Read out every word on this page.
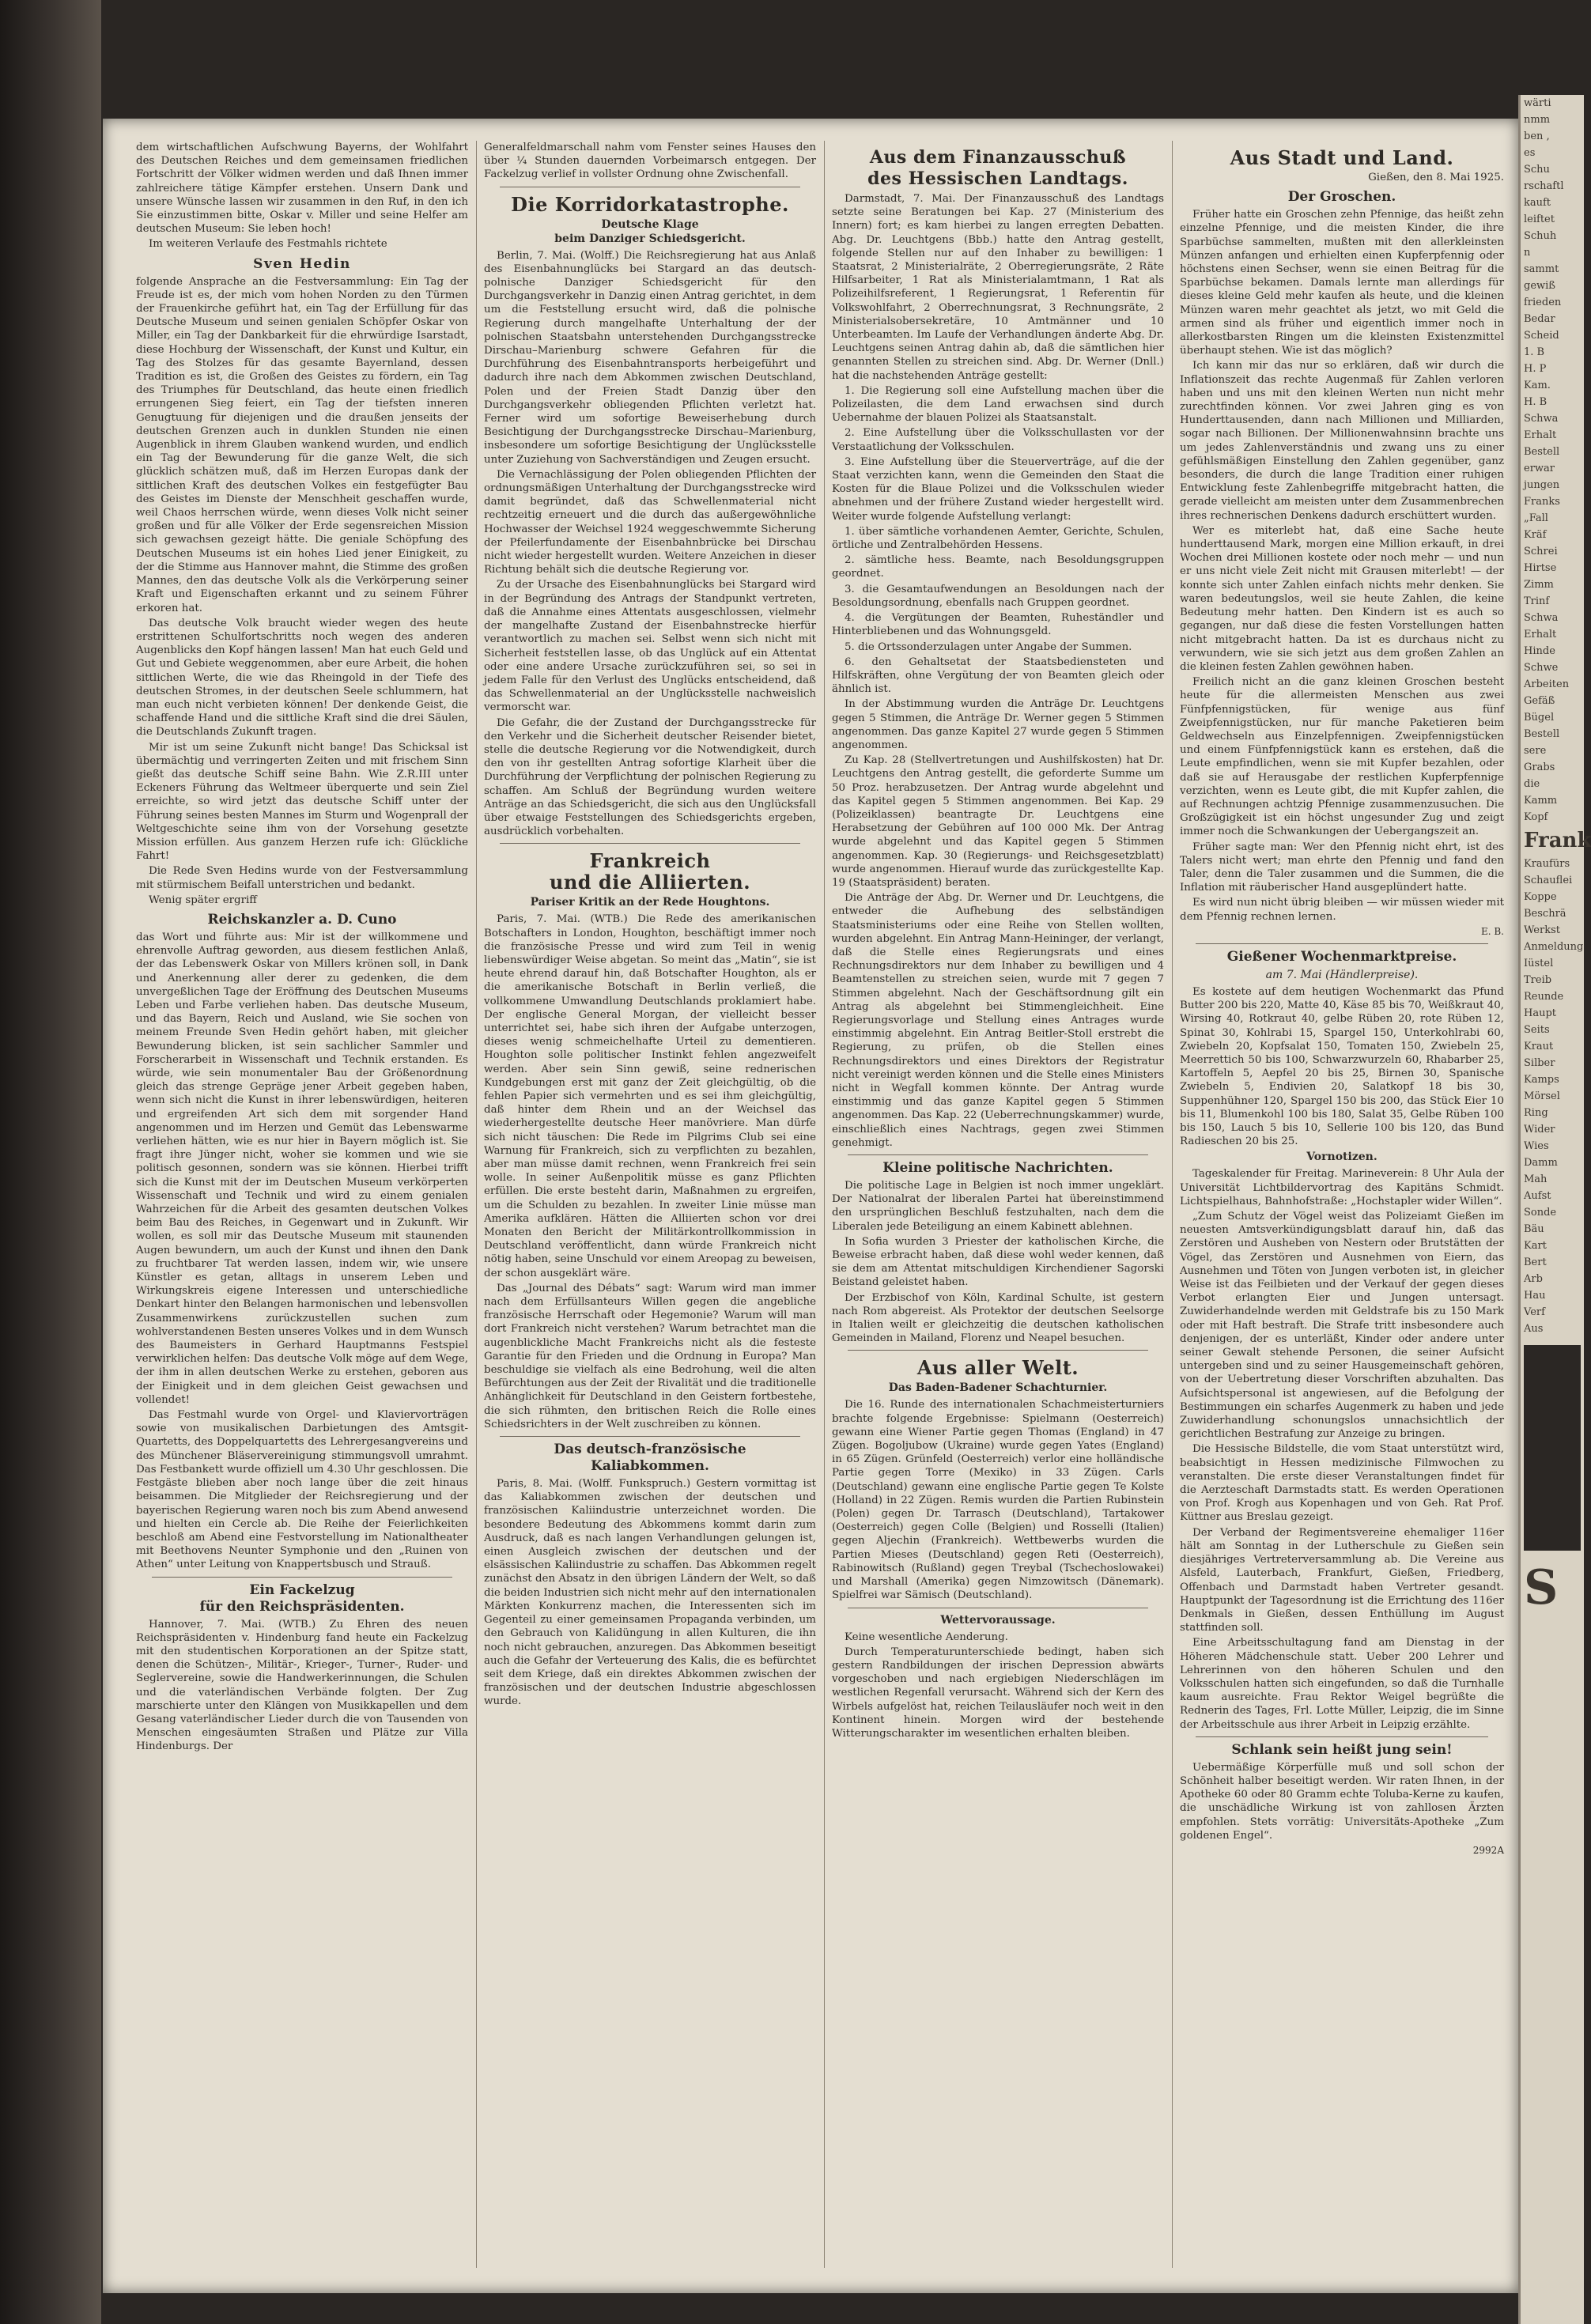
dem wirtschaftlichen Aufschwung Bayerns, der Wohlfahrt des Deutschen Reiches und dem gemeinsamen friedlichen Fortschritt der Völker widmen werden und daß Ihnen immer zahlreichere tätige Kämpfer erstehen. Unsern Dank und unsere Wünsche lassen wir zusammen in den Ruf, in den ich Sie einzustimmen bitte, Oskar v. Miller und seine Helfer am deutschen Museum: Sie leben hoch!

Im weiteren Verlaufe des Festmahls richtete

Sven Hedin

folgende Ansprache an die Festversammlung: Ein Tag der Freude ist es, der mich vom hohen Norden zu den Türmen der Frauenkirche geführt hat, ein Tag der Erfüllung für das Deutsche Museum und seinen genialen Schöpfer Oskar von Miller, ein Tag der Dankbarkeit für die ehrwürdige Isarstadt, diese Hochburg der Wissenschaft, der Kunst und Kultur, ein Tag des Stolzes für das gesamte Bayernland, dessen Tradition es ist, die Großen des Geistes zu fördern, ein Tag des Triumphes für Deutschland, das heute einen friedlich errungenen Sieg feiert, ein Tag der tiefsten inneren Genugtuung für diejenigen und die draußen jenseits der deutschen Grenzen auch in dunklen Stunden nie einen Augenblick in ihrem Glauben wankend wurden, und endlich ein Tag der Bewunderung für die ganze Welt, die sich glücklich schätzen muß, daß im Herzen Europas dank der sittlichen Kraft des deutschen Volkes ein festgefügter Bau des Geistes im Dienste der Menschheit geschaffen wurde, weil Chaos herrschen würde, wenn dieses Volk nicht seiner großen und für alle Völker der Erde segensreichen Mission sich gewachsen gezeigt hätte. Die geniale Schöpfung des Deutschen Museums ist ein hohes Lied jener Einigkeit, zu der die Stimme aus Hannover mahnt, die Stimme des großen Mannes, den das deutsche Volk als die Verkörperung seiner Kraft und Eigenschaften erkannt und zu seinem Führer erkoren hat.

Das deutsche Volk braucht wieder wegen des heute erstrittenen Schulfortschritts noch wegen des anderen Augenblicks den Kopf hängen lassen! Man hat euch Geld und Gut und Gebiete weggenommen, aber eure Arbeit, die hohen sittlichen Werte, die wie das Rheingold in der Tiefe des deutschen Stromes, in der deutschen Seele schlummern, hat man euch nicht verbieten können! Der denkende Geist, die schaffende Hand und die sittliche Kraft sind die drei Säulen, die Deutschlands Zukunft tragen.

Mir ist um seine Zukunft nicht bange! Das Schicksal ist übermächtig und verringerten Zeiten und mit frischem Sinn gießt das deutsche Schiff seine Bahn. Wie Z.R.III unter Eckeners Führung das Weltmeer überquerte und sein Ziel erreichte, so wird jetzt das deutsche Schiff unter der Führung seines besten Mannes im Sturm und Wogenprall der Weltgeschichte seine ihm von der Vorsehung gesetzte Mission erfüllen. Aus ganzem Herzen rufe ich: Glückliche Fahrt!

Die Rede Sven Hedins wurde von der Festversammlung mit stürmischem Beifall unterstrichen und bedankt.

Wenig später ergriff

Reichskanzler a. D. Cuno

das Wort und führte aus: Mir ist der willkommene und ehrenvolle Auftrag geworden, aus diesem festlichen Anlaß, der das Lebenswerk Oskar von Millers krönen soll, in Dank und Anerkennung aller derer zu gedenken, die dem unvergeßlichen Tage der Eröffnung des Deutschen Museums Leben und Farbe verliehen haben. Das deutsche Museum, und das Bayern, Reich und Ausland, wie Sie sochen von meinem Freunde Sven Hedin gehört haben, mit gleicher Bewunderung blicken, ist sein sachlicher Sammler und Forscherarbeit in Wissenschaft und Technik erstanden. Es würde, wie sein monumentaler Bau der Größenordnung gleich das strenge Gepräge jener Arbeit gegeben haben, wenn sich nicht die Kunst in ihrer lebenswürdigen, heiteren und ergreifenden Art sich dem mit sorgender Hand angenommen und im Herzen und Gemüt das Lebenswarme verliehen hätten, wie es nur hier in Bayern möglich ist. Sie fragt ihre Jünger nicht, woher sie kommen und wie sie politisch gesonnen, sondern was sie können. Hierbei trifft sich die Kunst mit der im Deutschen Museum verkörperten Wissenschaft und Technik und wird zu einem genialen Wahrzeichen für die Arbeit des gesamten deutschen Volkes beim Bau des Reiches, in Gegenwart und in Zukunft. Wir wollen, es soll mir das Deutsche Museum mit staunenden Augen bewundern, um auch der Kunst und ihnen den Dank zu fruchtbarer Tat werden lassen, indem wir, wie unsere Künstler es getan, alltags in unserem Leben und Wirkungskreis eigene Interessen und unterschiedliche Denkart hinter den Belangen harmonischen und lebensvollen Zusammenwirkens zurückzustellen suchen zum wohlverstandenen Besten unseres Volkes und in dem Wunsch des Baumeisters in Gerhard Hauptmanns Festspiel verwirklichen helfen: Das deutsche Volk möge auf dem Wege, der ihm in allen deutschen Werke zu erstehen, geboren aus der Einigkeit und in dem gleichen Geist gewachsen und vollendet!

Das Festmahl wurde von Orgel- und Klaviervorträgen sowie von musikalischen Darbietungen des Amtsgit-Quartetts, des Doppelquartetts des Lehrergesangvereins und des Münchener Bläservereinigung stimmungsvoll umrahmt. Das Festbankett wurde offiziell um 4.30 Uhr geschlossen. Die Festgäste blieben aber noch lange über die zeit hinaus beisammen. Die Mitglieder der Reichsregierung und der bayerischen Regierung waren noch bis zum Abend anwesend und hielten ein Cercle ab. Die Reihe der Feierlichkeiten beschloß am Abend eine Festvorstellung im Nationaltheater mit Beethovens Neunter Symphonie und den „Ruinen von Athen“ unter Leitung von Knappertsbusch und Strauß.

Ein Fackelzug
für den Reichspräsidenten.

Hannover, 7. Mai. (WTB.) Zu Ehren des neuen Reichspräsidenten v. Hindenburg fand heute ein Fackelzug mit den studentischen Korporationen an der Spitze statt, denen die Schützen-, Militär-, Krieger-, Turner-, Ruder- und Seglervereine, sowie die Handwerkerinnungen, die Schulen und die vaterländischen Verbände folgten. Der Zug marschierte unter den Klängen von Musikkapellen und dem Gesang vaterländischer Lieder durch die von Tausenden von Menschen eingesäumten Straßen und Plätze zur Villa Hindenburgs. Der

Generalfeldmarschall nahm vom Fenster seines Hauses den über ¼ Stunden dauernden Vorbeimarsch entgegen. Der Fackelzug verlief in vollster Ordnung ohne Zwischenfall.

Die Korridorkatastrophe.
Deutsche Klage
beim Danziger Schiedsgericht.

Berlin, 7. Mai. (Wolff.) Die Reichsregierung hat aus Anlaß des Eisenbahnunglücks bei Stargard an das deutsch-polnische Danziger Schiedsgericht für den Durchgangsverkehr in Danzig einen Antrag gerichtet, in dem um die Feststellung ersucht wird, daß die polnische Regierung durch mangelhafte Unterhaltung der der polnischen Staatsbahn unterstehenden Durchgangsstrecke Dirschau–Marienburg schwere Gefahren für die Durchführung des Eisenbahntransports herbeigeführt und dadurch ihre nach dem Abkommen zwischen Deutschland, Polen und der Freien Stadt Danzig über den Durchgangsverkehr obliegenden Pflichten verletzt hat. Ferner wird um sofortige Beweiserhebung durch Besichtigung der Durchgangsstrecke Dirschau–Marienburg, insbesondere um sofortige Besichtigung der Unglücksstelle unter Zuziehung von Sachverständigen und Zeugen ersucht.

Die Vernachlässigung der Polen obliegenden Pflichten der ordnungsmäßigen Unterhaltung der Durchgangsstrecke wird damit begründet, daß das Schwellenmaterial nicht rechtzeitig erneuert und die durch das außergewöhnliche Hochwasser der Weichsel 1924 weggeschwemmte Sicherung der Pfeilerfundamente der Eisenbahnbrücke bei Dirschau nicht wieder hergestellt wurden. Weitere Anzeichen in dieser Richtung behält sich die deutsche Regierung vor.

Zu der Ursache des Eisenbahnunglücks bei Stargard wird in der Begründung des Antrags der Standpunkt vertreten, daß die Annahme eines Attentats ausgeschlossen, vielmehr der mangelhafte Zustand der Eisenbahnstrecke hierfür verantwortlich zu machen sei. Selbst wenn sich nicht mit Sicherheit feststellen lasse, ob das Unglück auf ein Attentat oder eine andere Ursache zurückzuführen sei, so sei in jedem Falle für den Verlust des Unglücks entscheidend, daß das Schwellenmaterial an der Unglücksstelle nachweislich vermorscht war.

Die Gefahr, die der Zustand der Durchgangsstrecke für den Verkehr und die Sicherheit deutscher Reisender bietet, stelle die deutsche Regierung vor die Notwendigkeit, durch den von ihr gestellten Antrag sofortige Klarheit über die Durchführung der Verpflichtung der polnischen Regierung zu schaffen. Am Schluß der Begründung wurden weitere Anträge an das Schiedsgericht, die sich aus den Unglücksfall über etwaige Feststellungen des Schiedsgerichts ergeben, ausdrücklich vorbehalten.

Frankreich
und die Alliierten.
Pariser Kritik an der Rede Houghtons.

Paris, 7. Mai. (WTB.) Die Rede des amerikanischen Botschafters in London, Houghton, beschäftigt immer noch die französische Presse und wird zum Teil in wenig liebenswürdiger Weise abgetan. So meint das „Matin“, sie ist heute ehrend darauf hin, daß Botschafter Houghton, als er die amerikanische Botschaft in Berlin verließ, die vollkommene Umwandlung Deutschlands proklamiert habe. Der englische General Morgan, der vielleicht besser unterrichtet sei, habe sich ihren der Aufgabe unterzogen, dieses wenig schmeichelhafte Urteil zu dementieren. Houghton solle politischer Instinkt fehlen angezweifelt werden. Aber sein Sinn gewiß, seine rednerischen Kundgebungen erst mit ganz der Zeit gleichgültig, ob die fehlen Papier sich vermehrten und es sei ihm gleichgültig, daß hinter dem Rhein und an der Weichsel das wiederhergestellte deutsche Heer manövriere. Man dürfe sich nicht täuschen: Die Rede im Pilgrims Club sei eine Warnung für Frankreich, sich zu verpflichten zu bezahlen, aber man müsse damit rechnen, wenn Frankreich frei sein wolle. In seiner Außenpolitik müsse es ganz Pflichten erfüllen. Die erste besteht darin, Maßnahmen zu ergreifen, um die Schulden zu bezahlen. In zweiter Linie müsse man Amerika aufklären. Hätten die Alliierten schon vor drei Monaten den Bericht der Militärkontrollkommission in Deutschland veröffentlicht, dann würde Frankreich nicht nötig haben, seine Unschuld vor einem Areopag zu beweisen, der schon ausgeklärt wäre.

Das „Journal des Débats“ sagt: Warum wird man immer nach dem Erfüllsanteurs Willen gegen die angebliche französische Herrschaft oder Hegemonie? Warum will man dort Frankreich nicht verstehen? Warum betrachtet man die augenblickliche Macht Frankreichs nicht als die festeste Garantie für den Frieden und die Ordnung in Europa? Man beschuldige sie vielfach als eine Bedrohung, weil die alten Befürchtungen aus der Zeit der Rivalität und die traditionelle Anhänglichkeit für Deutschland in den Geistern fortbestehe, die sich rühmten, den britischen Reich die Rolle eines Schiedsrichters in der Welt zuschreiben zu können.

Das deutsch-französische
Kaliabkommen.

Paris, 8. Mai. (Wolff. Funkspruch.) Gestern vormittag ist das Kaliabkommen zwischen der deutschen und französischen Kaliindustrie unterzeichnet worden. Die besondere Bedeutung des Abkommens kommt darin zum Ausdruck, daß es nach langen Verhandlungen gelungen ist, einen Ausgleich zwischen der deutschen und der elsässischen Kaliindustrie zu schaffen. Das Abkommen regelt zunächst den Absatz in den übrigen Ländern der Welt, so daß die beiden Industrien sich nicht mehr auf den internationalen Märkten Konkurrenz machen, die Interessenten sich im Gegenteil zu einer gemeinsamen Propaganda verbinden, um den Gebrauch von Kalidüngung in allen Kulturen, die ihn noch nicht gebrauchen, anzuregen. Das Abkommen beseitigt auch die Gefahr der Verteuerung des Kalis, die es befürchtet seit dem Kriege, daß ein direktes Abkommen zwischen der französischen und der deutschen Industrie abgeschlossen wurde.

Aus dem Finanzausschuß
des Hessischen Landtags.

Darmstadt, 7. Mai. Der Finanzausschuß des Landtags setzte seine Beratungen bei Kap. 27 (Ministerium des Innern) fort; es kam hierbei zu langen erregten Debatten. Abg. Dr. Leuchtgens (Bbb.) hatte den Antrag gestellt, folgende Stellen nur auf den Inhaber zu bewilligen: 1 Staatsrat, 2 Ministerialräte, 2 Oberregierungsräte, 2 Räte Hilfsarbeiter, 1 Rat als Ministerialamtmann, 1 Rat als Polizeihilfsreferent, 1 Regierungsrat, 1 Referentin für Volkswohlfahrt, 2 Oberrechnungsrat, 3 Rechnungsräte, 2 Ministerialsobersekretäre, 10 Amtmänner und 10 Unterbeamten. Im Laufe der Verhandlungen änderte Abg. Dr. Leuchtgens seinen Antrag dahin ab, daß die sämtlichen hier genannten Stellen zu streichen sind. Abg. Dr. Werner (Dnll.) hat die nachstehenden Anträge gestellt:

1. Die Regierung soll eine Aufstellung machen über die Polizeilasten, die dem Land erwachsen sind durch Uebernahme der blauen Polizei als Staatsanstalt.

2. Eine Aufstellung über die Volksschullasten vor der Verstaatlichung der Volksschulen.

3. Eine Aufstellung über die Steuerverträge, auf die der Staat verzichten kann, wenn die Gemeinden den Staat die Kosten für die Blaue Polizei und die Volksschulen wieder abnehmen und der frühere Zustand wieder hergestellt wird. Weiter wurde folgende Aufstellung verlangt:

1. über sämtliche vorhandenen Aemter, Gerichte, Schulen, örtliche und Zentralbehörden Hessens.

2. sämtliche hess. Beamte, nach Besoldungsgruppen geordnet.

3. die Gesamtaufwendungen an Besoldungen nach der Besoldungsordnung, ebenfalls nach Gruppen geordnet.

4. die Vergütungen der Beamten, Ruheständler und Hinterbliebenen und das Wohnungsgeld.

5. die Ortssonderzulagen unter Angabe der Summen.

6. den Gehaltsetat der Staatsbediensteten und Hilfskräften, ohne Vergütung der von Beamten gleich oder ähnlich ist.

In der Abstimmung wurden die Anträge Dr. Leuchtgens gegen 5 Stimmen, die Anträge Dr. Werner gegen 5 Stimmen angenommen. Das ganze Kapitel 27 wurde gegen 5 Stimmen angenommen.

Zu Kap. 28 (Stellvertretungen und Aushilfskosten) hat Dr. Leuchtgens den Antrag gestellt, die geforderte Summe um 50 Proz. herabzusetzen. Der Antrag wurde abgelehnt und das Kapitel gegen 5 Stimmen angenommen. Bei Kap. 29 (Polizeiklassen) beantragte Dr. Leuchtgens eine Herabsetzung der Gebühren auf 100 000 Mk. Der Antrag wurde abgelehnt und das Kapitel gegen 5 Stimmen angenommen. Kap. 30 (Regierungs- und Reichsgesetzblatt) wurde angenommen. Hierauf wurde das zurückgestellte Kap. 19 (Staatspräsident) beraten.

Die Anträge der Abg. Dr. Werner und Dr. Leuchtgens, die entweder die Aufhebung des selbständigen Staatsministeriums oder eine Reihe von Stellen wollten, wurden abgelehnt. Ein Antrag Mann-Heininger, der verlangt, daß die Stelle eines Regierungsrats und eines Rechnungsdirektors nur dem Inhaber zu bewilligen und 4 Beamtenstellen zu streichen seien, wurde mit 7 gegen 7 Stimmen abgelehnt. Nach der Geschäftsordnung gilt ein Antrag als abgelehnt bei Stimmengleichheit. Eine Regierungsvorlage und Stellung eines Antrages wurde einstimmig abgelehnt. Ein Antrag Beitler-Stoll erstrebt die Regierung, zu prüfen, ob die Stellen eines Rechnungsdirektors und eines Direktors der Registratur nicht vereinigt werden können und die Stelle eines Ministers nicht in Wegfall kommen könnte. Der Antrag wurde einstimmig und das ganze Kapitel gegen 5 Stimmen angenommen. Das Kap. 22 (Ueberrechnungskammer) wurde, einschließlich eines Nachtrags, gegen zwei Stimmen genehmigt.

Kleine politische Nachrichten.

Die politische Lage in Belgien ist noch immer ungeklärt. Der Nationalrat der liberalen Partei hat übereinstimmend den ursprünglichen Beschluß festzuhalten, nach dem die Liberalen jede Beteiligung an einem Kabinett ablehnen.

In Sofia wurden 3 Priester der katholischen Kirche, die Beweise erbracht haben, daß diese wohl weder kennen, daß sie dem am Attentat mitschuldigen Kirchendiener Sagorski Beistand geleistet haben.

Der Erzbischof von Köln, Kardinal Schulte, ist gestern nach Rom abgereist. Als Protektor der deutschen Seelsorge in Italien weilt er gleichzeitig die deutschen katholischen Gemeinden in Mailand, Florenz und Neapel besuchen.

Aus aller Welt.
Das Baden-Badener Schachturnier.

Die 16. Runde des internationalen Schachmeisterturniers brachte folgende Ergebnisse: Spielmann (Oesterreich) gewann eine Wiener Partie gegen Thomas (England) in 47 Zügen. Bogoljubow (Ukraine) wurde gegen Yates (England) in 65 Zügen. Grünfeld (Oesterreich) verlor eine holländische Partie gegen Torre (Mexiko) in 33 Zügen. Carls (Deutschland) gewann eine englische Partie gegen Te Kolste (Holland) in 22 Zügen. Remis wurden die Partien Rubinstein (Polen) gegen Dr. Tarrasch (Deutschland), Tartakower (Oesterreich) gegen Colle (Belgien) und Rosselli (Italien) gegen Aljechin (Frankreich). Wettbewerbs wurden die Partien Mieses (Deutschland) gegen Reti (Oesterreich), Rabinowitsch (Rußland) gegen Treybal (Tschechoslowakei) und Marshall (Amerika) gegen Nimzowitsch (Dänemark). Spielfrei war Sämisch (Deutschland).

Wettervoraussage.

Keine wesentliche Aenderung.

Durch Temperaturunterschiede bedingt, haben sich gestern Randbildungen der irischen Depression abwärts vorgeschoben und nach ergiebigen Niederschlägen im westlichen Regenfall verursacht. Während sich der Kern des Wirbels aufgelöst hat, reichen Teilausläufer noch weit in den Kontinent hinein. Morgen wird der bestehende Witterungscharakter im wesentlichen erhalten bleiben.

Aus Stadt und Land.
Gießen, den 8. Mai 1925.
Der Groschen.

Früher hatte ein Groschen zehn Pfennige, das heißt zehn einzelne Pfennige, und die meisten Kinder, die ihre Sparbüchse sammelten, mußten mit den allerkleinsten Münzen anfangen und erhielten einen Kupferpfennig oder höchstens einen Sechser, wenn sie einen Beitrag für die Sparbüchse bekamen. Damals lernte man allerdings für dieses kleine Geld mehr kaufen als heute, und die kleinen Münzen waren mehr geachtet als jetzt, wo mit Geld die armen sind als früher und eigentlich immer noch in allerkostbarsten Ringen um die kleinsten Existenzmittel überhaupt stehen. Wie ist das möglich?

Ich kann mir das nur so erklären, daß wir durch die Inflationszeit das rechte Augenmaß für Zahlen verloren haben und uns mit den kleinen Werten nun nicht mehr zurechtfinden können. Vor zwei Jahren ging es von Hunderttausenden, dann nach Millionen und Milliarden, sogar nach Billionen. Der Millionenwahnsinn brachte uns um jedes Zahlenverständnis und zwang uns zu einer gefühlsmäßigen Einstellung den Zahlen gegenüber, ganz besonders, die durch die lange Tradition einer ruhigen Entwicklung feste Zahlenbegriffe mitgebracht hatten, die gerade vielleicht am meisten unter dem Zusammenbrechen ihres rechnerischen Denkens dadurch erschüttert wurden.

Wer es miterlebt hat, daß eine Sache heute hunderttausend Mark, morgen eine Million erkauft, in drei Wochen drei Millionen kostete oder noch mehr — und nun er uns nicht viele Zeit nicht mit Grausen miterlebt! — der konnte sich unter Zahlen einfach nichts mehr denken. Sie waren bedeutungslos, weil sie heute Zahlen, die keine Bedeutung mehr hatten. Den Kindern ist es auch so gegangen, nur daß diese die festen Vorstellungen hatten nicht mitgebracht hatten. Da ist es durchaus nicht zu verwundern, wie sie sich jetzt aus dem großen Zahlen an die kleinen festen Zahlen gewöhnen haben.

Freilich nicht an die ganz kleinen Groschen besteht heute für die allermeisten Menschen aus zwei Fünfpfennigstücken, für wenige aus fünf Zweipfennigstücken, nur für manche Paketieren beim Geldwechseln aus Einzelpfennigen. Zweipfennigstücken und einem Fünfpfennigstück kann es erstehen, daß die Leute empfindlichen, wenn sie mit Kupfer bezahlen, oder daß sie auf Herausgabe der restlichen Kupferpfennige verzichten, wenn es Leute gibt, die mit Kupfer zahlen, die auf Rechnungen achtzig Pfennige zusammenzusuchen. Die Großzügigkeit ist ein höchst ungesunder Zug und zeigt immer noch die Schwankungen der Uebergangszeit an.

Früher sagte man: Wer den Pfennig nicht ehrt, ist des Talers nicht wert; man ehrte den Pfennig und fand den Taler, denn die Taler zusammen und die Summen, die die Inflation mit räuberischer Hand ausgeplündert hatte.

Es wird nun nicht übrig bleiben — wir müssen wieder mit dem Pfennig rechnen lernen.

E. B.
Gießener Wochenmarktpreise.
am 7. Mai (Händlerpreise).

Es kostete auf dem heutigen Wochenmarkt das Pfund Butter 200 bis 220, Matte 40, Käse 85 bis 70, Weißkraut 40, Wirsing 40, Rotkraut 40, gelbe Rüben 20, rote Rüben 12, Spinat 30, Kohlrabi 15, Spargel 150, Unterkohlrabi 60, Zwiebeln 20, Kopfsalat 150, Tomaten 150, Zwiebeln 25, Meerrettich 50 bis 100, Schwarzwurzeln 60, Rhabarber 25, Kartoffeln 5, Aepfel 20 bis 25, Birnen 30, Spanische Zwiebeln 5, Endivien 20, Salatkopf 18 bis 30, Suppenhühner 120, Spargel 150 bis 200, das Stück Eier 10 bis 11, Blumenkohl 100 bis 180, Salat 35, Gelbe Rüben 100 bis 150, Lauch 5 bis 10, Sellerie 100 bis 120, das Bund Radieschen 20 bis 25.

Vornotizen.

Tageskalender für Freitag. Marineverein: 8 Uhr Aula der Universität Lichtbildervortrag des Kapitäns Schmidt. Lichtspielhaus, Bahnhofstraße: „Hochstapler wider Willen“.

„Zum Schutz der Vögel weist das Polizeiamt Gießen im neuesten Amtsverkündigungsblatt darauf hin, daß das Zerstören und Ausheben von Nestern oder Brutstätten der Vögel, das Zerstören und Ausnehmen von Eiern, das Ausnehmen und Töten von Jungen verboten ist, in gleicher Weise ist das Feilbieten und der Verkauf der gegen dieses Verbot erlangten Eier und Jungen untersagt. Zuwiderhandelnde werden mit Geldstrafe bis zu 150 Mark oder mit Haft bestraft. Die Strafe tritt insbesondere auch denjenigen, der es unterläßt, Kinder oder andere unter seiner Gewalt stehende Personen, die seiner Aufsicht untergeben sind und zu seiner Hausgemeinschaft gehören, von der Uebertretung dieser Vorschriften abzuhalten. Das Aufsichtspersonal ist angewiesen, auf die Befolgung der Bestimmungen ein scharfes Augenmerk zu haben und jede Zuwiderhandlung schonungslos unnachsichtlich der gerichtlichen Bestrafung zur Anzeige zu bringen.

Die Hessische Bildstelle, die vom Staat unterstützt wird, beabsichtigt in Hessen medizinische Filmwochen zu veranstalten. Die erste dieser Veranstaltungen findet für die Aerzteschaft Darmstadts statt. Es werden Operationen von Prof. Krogh aus Kopenhagen und von Geh. Rat Prof. Küttner aus Breslau gezeigt.

Der Verband der Regimentsvereine ehemaliger 116er hält am Sonntag in der Lutherschule zu Gießen sein diesjähriges Vertreterversammlung ab. Die Vereine aus Alsfeld, Lauterbach, Frankfurt, Gießen, Friedberg, Offenbach und Darmstadt haben Vertreter gesandt. Hauptpunkt der Tagesordnung ist die Errichtung des 116er Denkmals in Gießen, dessen Enthüllung im August stattfinden soll.

Eine Arbeitsschultagung fand am Dienstag in der Höheren Mädchenschule statt. Ueber 200 Lehrer und Lehrerinnen von den höheren Schulen und den Volksschulen hatten sich eingefunden, so daß die Turnhalle kaum ausreichte. Frau Rektor Weigel begrüßte die Rednerin des Tages, Frl. Lotte Müller, Leipzig, die im Sinne der Arbeitsschule aus ihrer Arbeit in Leipzig erzählte.

Schlank sein heißt jung sein!

Uebermäßige Körperfülle muß und soll schon der Schönheit halber beseitigt werden. Wir raten Ihnen, in der Apotheke 60 oder 80 Gramm echte Toluba-Kerne zu kaufen, die unschädliche Wirkung ist von zahllosen Ärzten empfohlen. Stets vorrätig: Universitäts-Apotheke „Zum goldenen Engel“.

2992A
wärti
nmm
ben ‚
es
Schu
rschaftl
kauft
leiftet
Schuh
n
sammt
gewiß
frieden
Bedar
Scheid
1. B
H. P
Kam.
H. B
Schwa
Erhalt
Bestell
erwar
jungen
Franks
„Fall
Kräf
Schrei
Hirtse
Zimm
Trinf
Schwa
Erhalt
Hinde
Schwe
Arbeiten
Gefäß
Bügel
Bestell
sere
Grabs
die
Kamm
Kopf
Frank
Kraufürs
Schauflei
Koppe
Beschrä
Werkst
Anmeldung
Iüstel
Treib
Reunde
Haupt
Seits
Kraut
Silber
Kamps
Mörsel
Ring
Wider
Wies
Damm
Mah
Aufst
Sonde
Bäu
Kart
Bert
Arb
Hau
Verf
Aus
S
